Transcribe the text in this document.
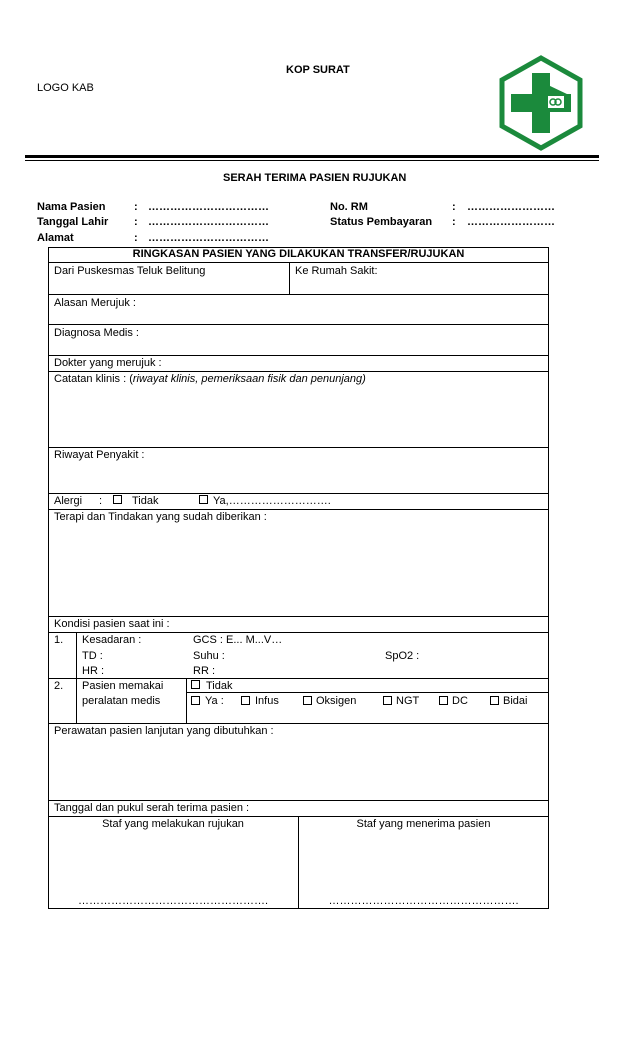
KOP SURAT
LOGO KAB
SERAH TERIMA PASIEN RUJUKAN
Nama Pasien	: ……………………………	No. RM	: ……………………
Tanggal Lahir : ……………………………	Status Pembayaran : ……………………
Alamat	: ……………………………
RINGKASAN PASIEN YANG DILAKUKAN TRANSFER/RUJUKAN
Dari Puskesmas Teluk Belitung	Ke Rumah Sakit:
Alasan Merujuk :
Diagnosa Medis :
Dokter yang merujuk :
Catatan klinis : (riwayat klinis, pemeriksaan fisik dan penunjang)
Riwayat Penyakit :
Alergi :	Tidak	Ya,……………………….
Terapi dan Tindakan yang sudah diberikan :
Kondisi pasien saat ini :
1. Kesadaran :	GCS : E... M...V…
TD :	Suhu :	SpO2 :
HR :	RR :
2. Pasien memakai
peralatan medis
Tidak
Ya :	Infus	Oksigen	NGT	DC	Bidai
Perawatan pasien lanjutan yang dibutuhkan :
Tanggal dan pukul serah terima pasien :
Staf yang melakukan rujukan	Staf yang menerima pasien
…………………………………………….	…………………………………………….
